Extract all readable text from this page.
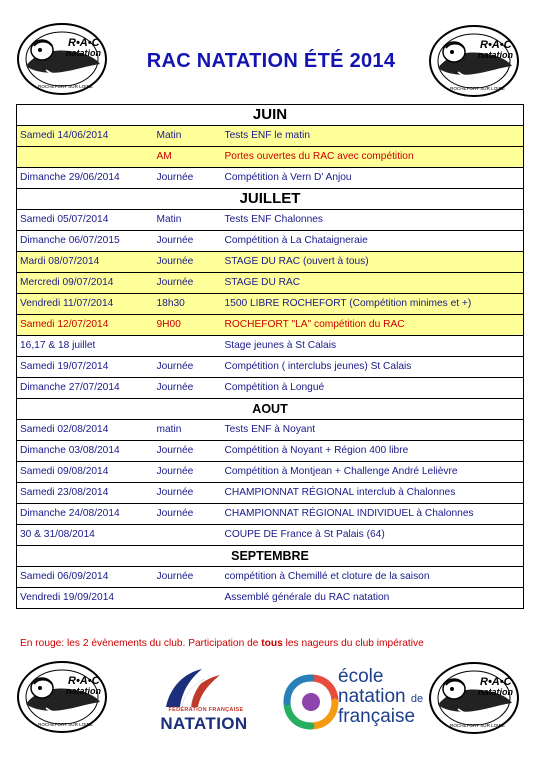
R•A•C
natation
ROCHEFORT SUR LOIRE
R•A•C
natation
ROCHEFORT SUR LOIRE
RAC NATATION ÉTÉ 2014
JUIN		
Samedi 14/06/2014	Matin	Tests ENF le matin
	AM	Portes ouvertes du RAC avec compétition
Dimanche 29/06/2014	Journée	Compétition à Vern D' Anjou
JUILLET		
Samedi 05/07/2014	Matin	Tests ENF Chalonnes
Dimanche 06/07/2015	Journée	Compétition à La Chataigneraie
Mardi 08/07/2014	Journée	STAGE DU RAC (ouvert à tous)
Mercredi 09/07/2014	Journée	STAGE DU RAC
Vendredi 11/07/2014	18h30	1500 LIBRE ROCHEFORT (Compétition minimes et +)
Samedi 12/07/2014	9H00	ROCHEFORT "LA" compétition du RAC
16,17 & 18 juillet		Stage jeunes à St Calais
Samedi 19/07/2014	Journée	Compétition ( interclubs jeunes) St Calais
Dimanche 27/07/2014	Journée	Compétition à Longué
AOUT		
Samedi 02/08/2014	matin	Tests ENF à Noyant
Dimanche 03/08/2014	Journée	Compétition à Noyant + Région 400 libre
Samedi 09/08/2014	Journée	Compétition à Montjean + Challenge André Lelièvre
Samedi 23/08/2014	Journée	CHAMPIONNAT RÉGIONAL interclub à Chalonnes
Dimanche 24/08/2014	Journée	CHAMPIONNAT RÉGIONAL INDIVIDUEL à Chalonnes
30 & 31/08/2014		COUPE DE France à St Palais (64)
SEPTEMBRE		
Samedi 06/09/2014	Journée	compétition à Chemillé et cloture de la saison
Vendredi 19/09/2014		Assemblé générale du RAC natation
En rouge: les 2 évènements du club. Participation de tous les nageurs du club impérative
R•A•C
natation
ROCHEFORT SUR LOIRE
FÉDÉRATION FRANÇAISE
NATATION
école
natation de
française
R•A•C
natation
ROCHEFORT SUR LOIRE
